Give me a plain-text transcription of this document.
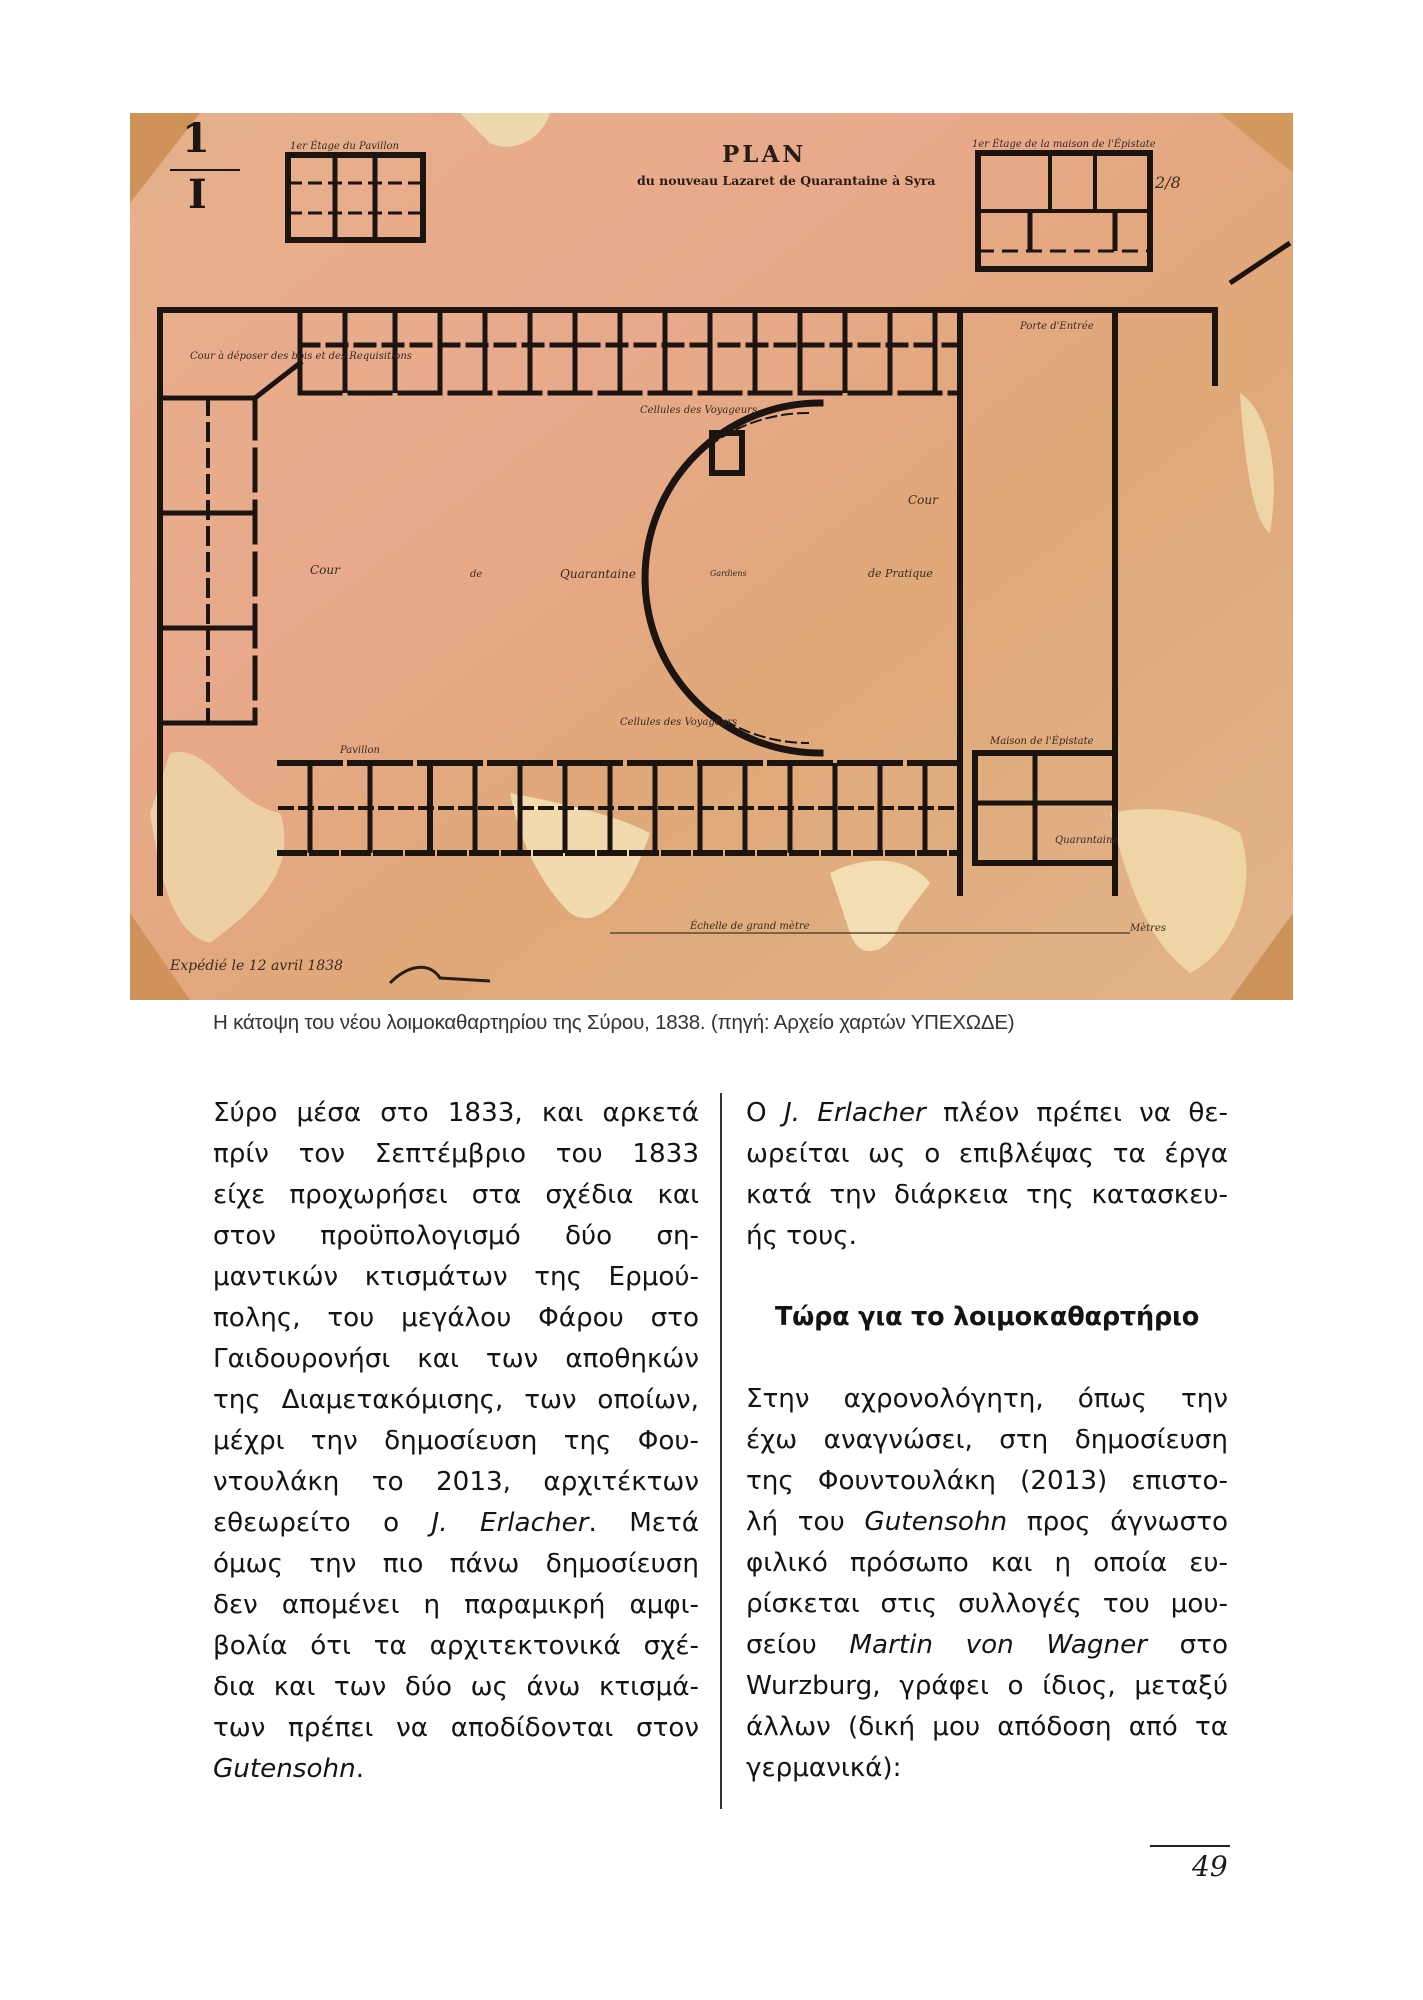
1
I
PLAN
du nouveau Lazaret de Quarantaine à Syra
1er Étage du Pavillon	1er Étage de la maison de l'Épistate
2/8
Cour à déposer des bois et des Requisitions
Cellules des Voyageurs
Cellules des Voyageurs
Cour	de	Quarantaine	Gardiens	de Pratique
Cour
Porte d'Entrée
Pavillon
Maison de l'Épistate
Quarantaine
Échelle de grand mètre	Mètres
Expédié le 12 avril 1838
Η κάτοψη του νέου λοιμοκαθαρτηρίου της Σύρου, 1838. (πηγή: Αρχείο χαρτών ΥΠΕΧΩΔΕ)
Σύρο μέσα στο 1833, και αρκετά
πρίν τον Σεπτέμβριο του 1833
είχε προχωρήσει στα σχέδια και
στον προϋπολογισμό δύο ση-
μαντικών κτισμάτων της Ερμού-
πολης, του μεγάλου Φάρου στο
Γαιδουρονήσι και των αποθηκών
της Διαμετακόμισης, των οποίων,
μέχρι την δημοσίευση της Φου-
ντουλάκη το 2013, αρχιτέκτων
εθεωρείτο ο J. Erlacher. Μετά
όμως την πιο πάνω δημοσίευση
δεν απομένει η παραμικρή αμφι-
βολία ότι τα αρχιτεκτονικά σχέ-
δια και των δύο ως άνω κτισμά-
των πρέπει να αποδίδονται στον
Gutensohn.
Ο J. Erlacher πλέον πρέπει να θε-
ωρείται ως ο επιβλέψας τα έργα
κατά την διάρκεια της κατασκευ-
ής τους.
Τώρα για το λοιμοκαθαρτήριο
Στην αχρονολόγητη, όπως την
έχω αναγνώσει, στη δημοσίευση
της Φουντουλάκη (2013) επιστο-
λή του Gutensohn προς άγνωστο
φιλικό πρόσωπο και η οποία ευ-
ρίσκεται στις συλλογές του μου-
σείου Martin von Wagner στο
Wurzburg, γράφει ο ίδιος, μεταξύ
άλλων (δική μου απόδοση από τα
γερμανικά):
49
